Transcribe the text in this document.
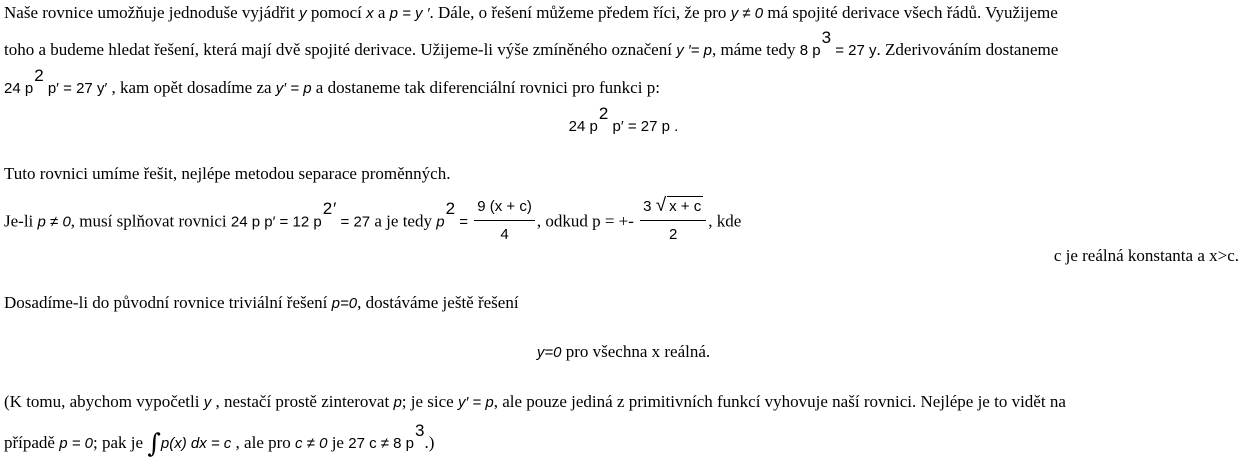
Naše rovnice umožňuje jednoduše vyjádřit y pomocí x a p = y ′. Dále, o řešení můžeme předem říci, že pro y ≠ 0 má spojité derivace všech řádů. Využijeme
toho a budeme hledat řešení, která mají dvě spojité derivace. Užijeme-li výše zmíněného označení y ′= p, máme tedy 8 p3 = 27 y. Zderivováním dostaneme
24 p2 p′ = 27 y′ , kam opět dosadíme za y′ = p a dostaneme tak diferenciální rovnici pro funkci p:
24 p2 p′ = 27 p .
Tuto rovnici umíme řešit, nejlépe metodou separace proměnných.
Je-li p ≠ 0, musí splňovat rovnici 24 p p′ = 12 p2′ = 27 a je tedy $p2 = \frac{9 (x + c)}{4}$ , odkud p = +- $\frac{3 √ x + c}{2}$ , kde
c je reálná konstanta a x>c.
Dosadíme-li do původní rovnice triviální řešení p=0, dostáváme ještě řešení
y=0 pro všechna x reálná.
(K tomu, abychom vypočetli y , nestačí prostě zinterovat p; je sice y′ = p, ale pouze jediná z primitivních funkcí vyhovuje naší rovnici. Nejlépe je to vidět na
případě p = 0; pak je ∫p(x) dx = c , ale pro c ≠ 0 je 27 c ≠ 8 p3.)
